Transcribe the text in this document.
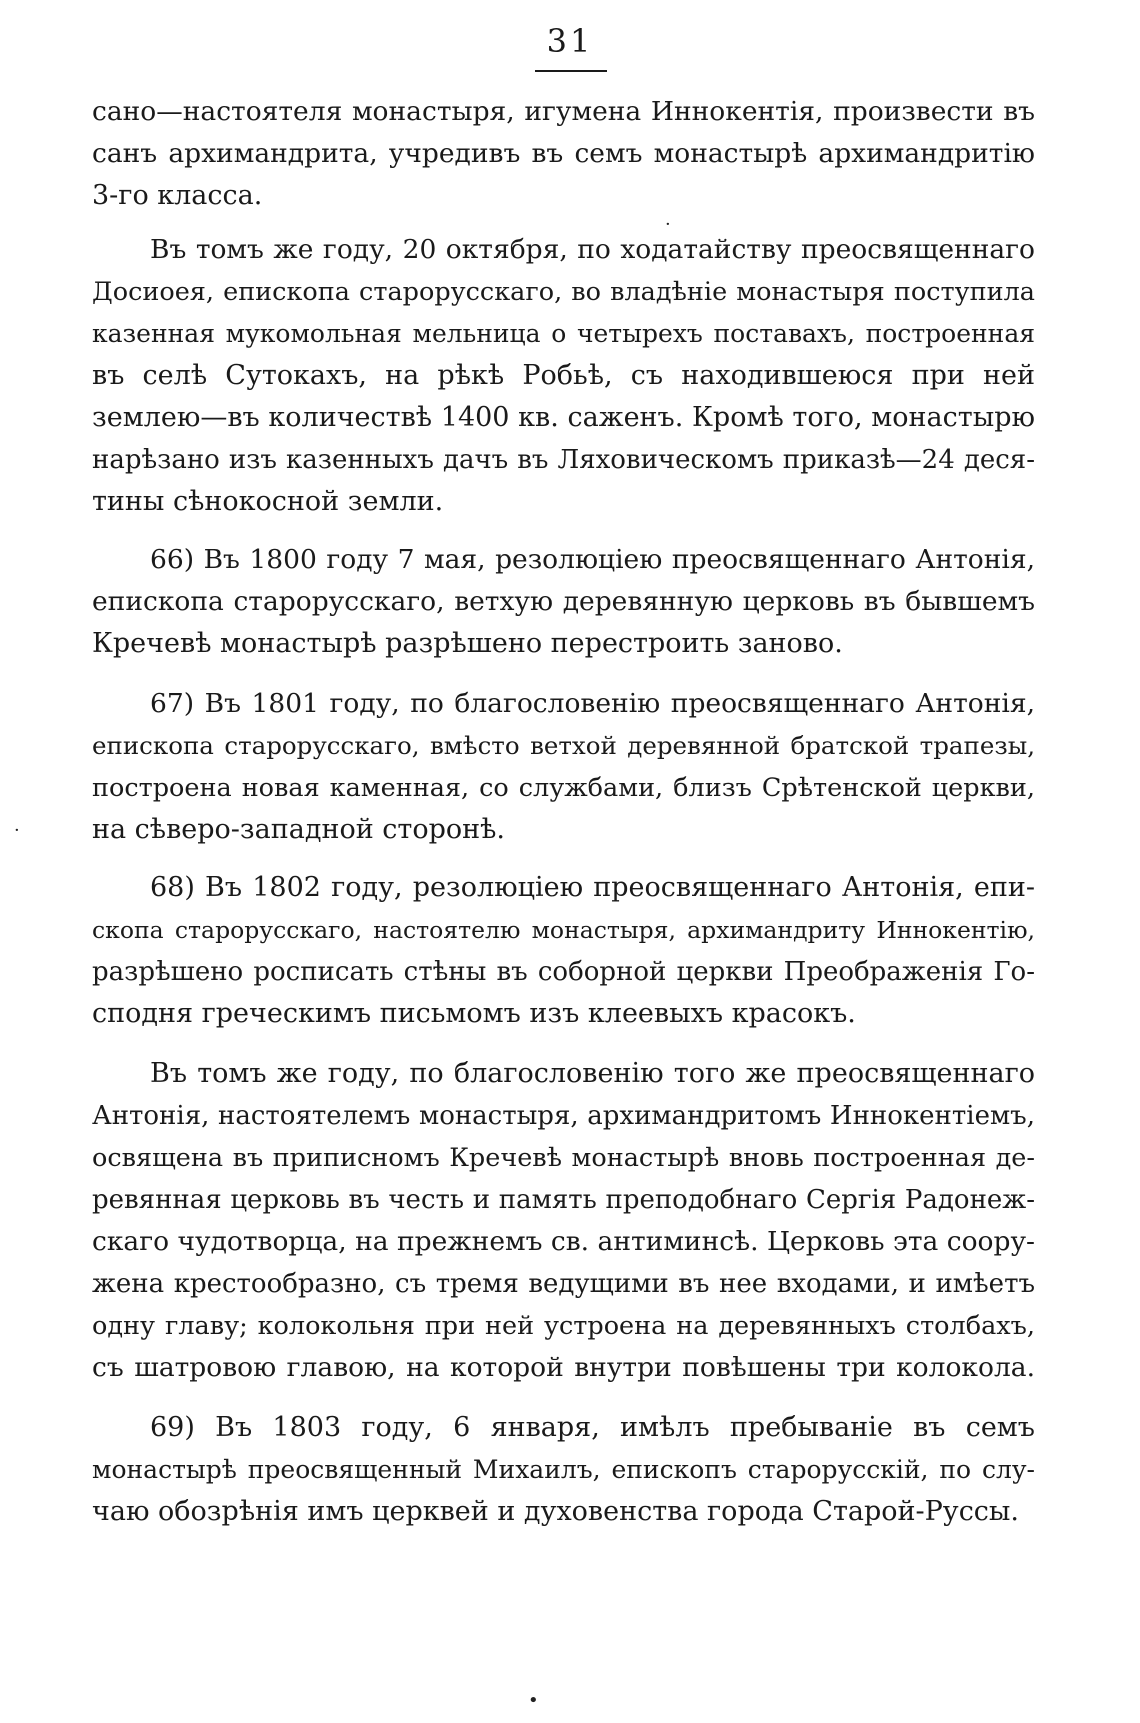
31
сано—настоятеля монастыря, игумена Иннокентія, произвести въ
санъ архимандрита, учредивъ въ семъ монастырѣ архимандритію
3-го класса.
Въ томъ же году, 20 октября, по ходатайству преосвященнаго
Досиоея, епископа старорусскаго, во владѣніе монастыря поступила
казенная мукомольная мельница о четырехъ поставахъ, построенная
въ селѣ Сутокахъ, на рѣкѣ Робьѣ, съ находившеюся при ней
землею—въ количествѣ 1400 кв. саженъ. Кромѣ того, монастырю
нарѣзано изъ казенныхъ дачъ въ Ляховическомъ приказѣ—24 деся-
тины сѣнокосной земли.
66) Въ 1800 году 7 мая, резолюціею преосвященнаго Антонія,
епископа старорусскаго, ветхую деревянную церковь въ бывшемъ
Кречевѣ монастырѣ разрѣшено перестроить заново.
67) Въ 1801 году, по благословенію преосвященнаго Антонія,
епископа старорусскаго, вмѣсто ветхой деревянной братской трапезы,
построена новая каменная, со службами, близъ Срѣтенской церкви,
на сѣверо-западной сторонѣ.
68) Въ 1802 году, резолюціею преосвященнаго Антонія, епи-
скопа старорусскаго, настоятелю монастыря, архимандриту Иннокентію,
разрѣшено росписать стѣны въ соборной церкви Преображенія Го-
сподня греческимъ письмомъ изъ клеевыхъ красокъ.
Въ томъ же году, по благословенію того же преосвященнаго
Антонія, настоятелемъ монастыря, архимандритомъ Иннокентіемъ,
освящена въ приписномъ Кречевѣ монастырѣ вновь построенная де-
ревянная церковь въ честь и память преподобнаго Сергія Радонеж-
скаго чудотворца, на прежнемъ св. антиминсѣ. Церковь эта соору-
жена крестообразно, съ тремя ведущими въ нее входами, и имѣетъ
одну главу; колокольня при ней устроена на деревянныхъ столбахъ,
съ шатровою главою, на которой внутри повѣшены три колокола.
69) Въ 1803 году, 6 января, имѣлъ пребываніе въ семъ
монастырѣ преосвященный Михаилъ, епископъ старорусскій, по слу-
чаю обозрѣнія имъ церквей и духовенства города Старой-Руссы.
·
·
•
